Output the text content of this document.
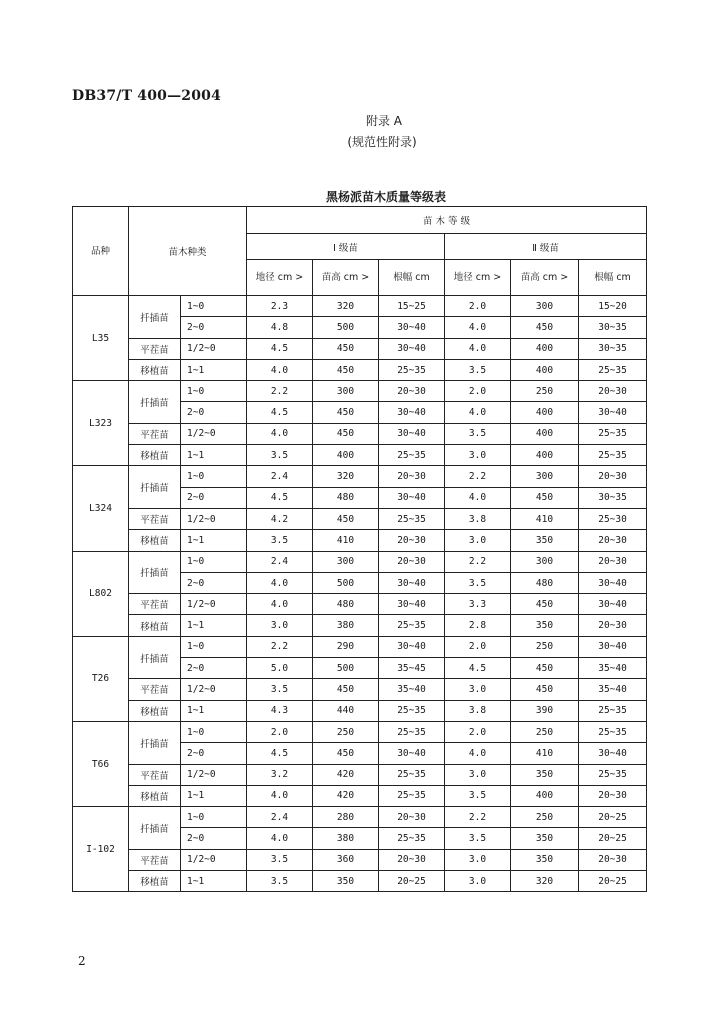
DB37/T 400—2004
附录 A
(规范性附录)
黑杨派苗木质量等级表
品种	苗木种类		苗 木 等 级					
			Ⅰ 级苗			Ⅱ 级苗		
			地径 cm >	苗高 cm >	根幅 cm	地径 cm >	苗高 cm >	根幅 cm
L35	扦插苗	1~0	2.3	320	15~25	2.0	300	15~20
		2~0	4.8	500	30~40	4.0	450	30~35
	平茬苗	1/2~0	4.5	450	30~40	4.0	400	30~35
	移植苗	1~1	4.0	450	25~35	3.5	400	25~35
L323	扦插苗	1~0	2.2	300	20~30	2.0	250	20~30
		2~0	4.5	450	30~40	4.0	400	30~40
	平茬苗	1/2~0	4.0	450	30~40	3.5	400	25~35
	移植苗	1~1	3.5	400	25~35	3.0	400	25~35
L324	扦插苗	1~0	2.4	320	20~30	2.2	300	20~30
		2~0	4.5	480	30~40	4.0	450	30~35
	平茬苗	1/2~0	4.2	450	25~35	3.8	410	25~30
	移植苗	1~1	3.5	410	20~30	3.0	350	20~30
L802	扦插苗	1~0	2.4	300	20~30	2.2	300	20~30
		2~0	4.0	500	30~40	3.5	480	30~40
	平茬苗	1/2~0	4.0	480	30~40	3.3	450	30~40
	移植苗	1~1	3.0	380	25~35	2.8	350	20~30
T26	扦插苗	1~0	2.2	290	30~40	2.0	250	30~40
		2~0	5.0	500	35~45	4.5	450	35~40
	平茬苗	1/2~0	3.5	450	35~40	3.0	450	35~40
	移植苗	1~1	4.3	440	25~35	3.8	390	25~35
T66	扦插苗	1~0	2.0	250	25~35	2.0	250	25~35
		2~0	4.5	450	30~40	4.0	410	30~40
	平茬苗	1/2~0	3.2	420	25~35	3.0	350	25~35
	移植苗	1~1	4.0	420	25~35	3.5	400	20~30
I-102	扦插苗	1~0	2.4	280	20~30	2.2	250	20~25
		2~0	4.0	380	25~35	3.5	350	20~25
	平茬苗	1/2~0	3.5	360	20~30	3.0	350	20~30
	移植苗	1~1	3.5	350	20~25	3.0	320	20~25
2
